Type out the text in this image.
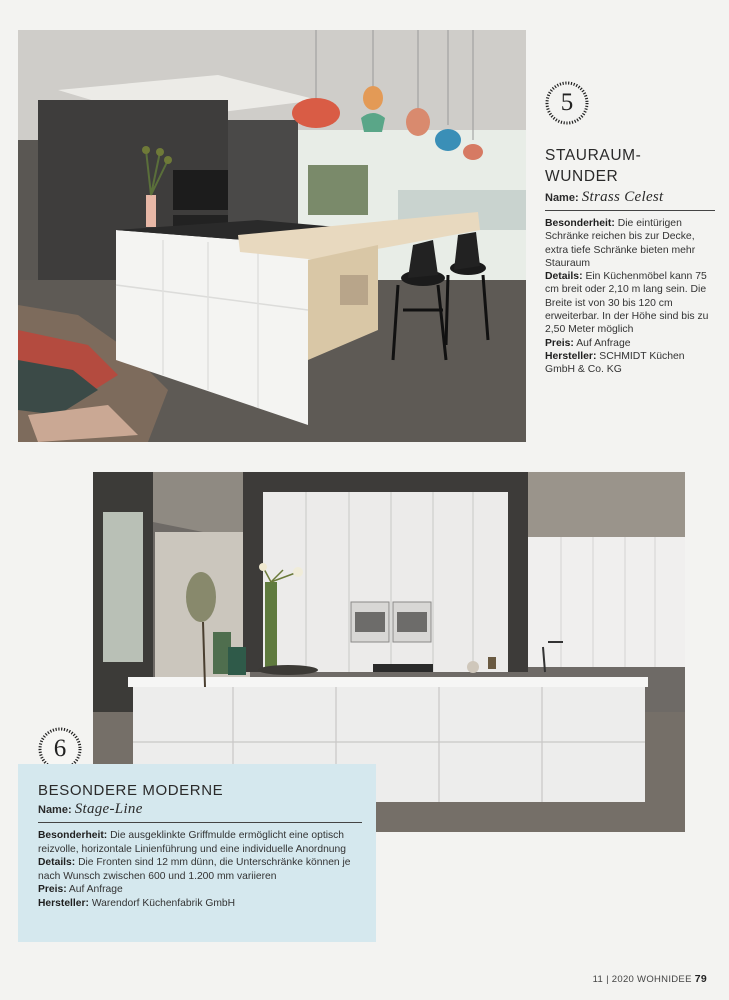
5
STAURAUM-
WUNDER
Name: Strass Celest
Besonderheit: Die eintürigen Schränke reichen bis zur Decke, extra tiefe Schränke bieten mehr Stauraum
Details: Ein Küchenmöbel kann 75 cm breit oder 2,10 m lang sein. Die Breite ist von 30 bis 120 cm erweiterbar. In der Höhe sind bis zu 2,50 Meter möglich
Preis: Auf Anfrage
Hersteller: SCHMIDT Küchen GmbH & Co. KG
6
BESONDERE MODERNE
Name: Stage-Line
Besonderheit: Die ausgeklinkte Griffmulde ermöglicht eine optisch reizvolle, horizontale Linienführung und eine individuelle Anordnung
Details: Die Fronten sind 12 mm dünn, die Unterschränke können je nach Wunsch zwischen 600 und 1.200 mm variieren
Preis: Auf Anfrage
Hersteller: Warendorf Küchenfabrik GmbH
11 | 2020 WOHNIDEE 79
